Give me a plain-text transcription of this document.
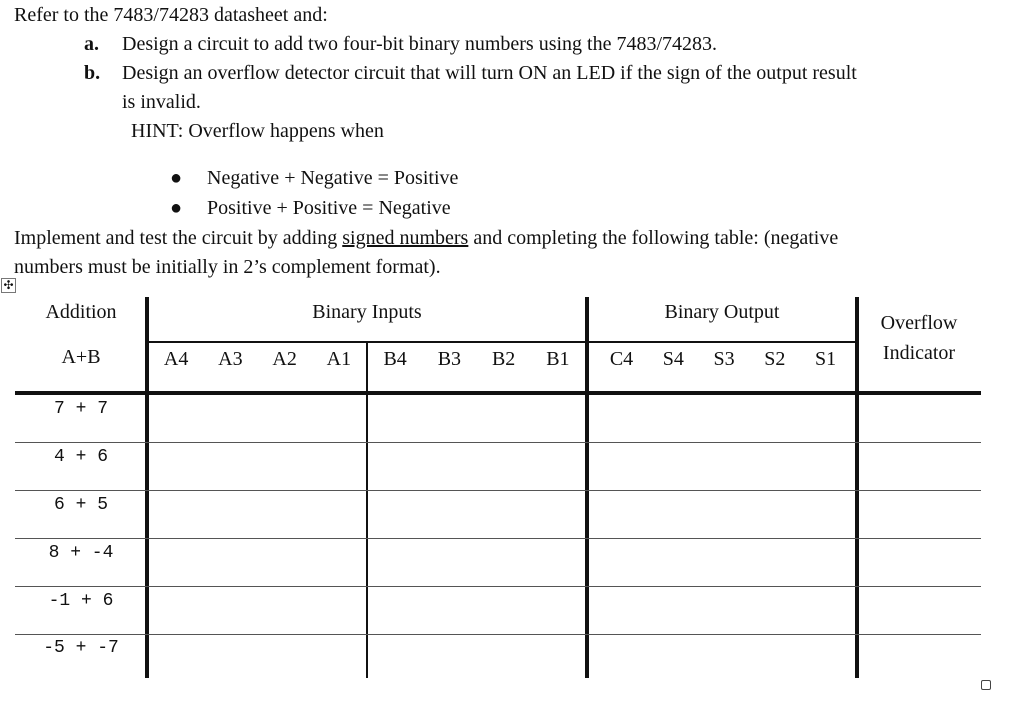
Refer to the 7483/74283 datasheet and:
a. Design a circuit to add two four-bit binary numbers using the 7483/74283.
b. Design an overflow detector circuit that will turn ON an LED if the sign of the output result
is invalid.
HINT: Overflow happens when
● Negative + Negative = Positive
● Positive + Positive = Negative
Implement and test the circuit by adding signed numbers and completing the following table: (negative
numbers must be initially in 2’s complement format).
✣
Addition
A+B
Binary Inputs	Binary Output	Overflow
Indicator
A4 A3 A2 A1 B4 B3 B2 B1 C4 S4 S3 S2 S1
7 + 7
4 + 6
6 + 5
8 + -4
-1 + 6
-5 + -7
